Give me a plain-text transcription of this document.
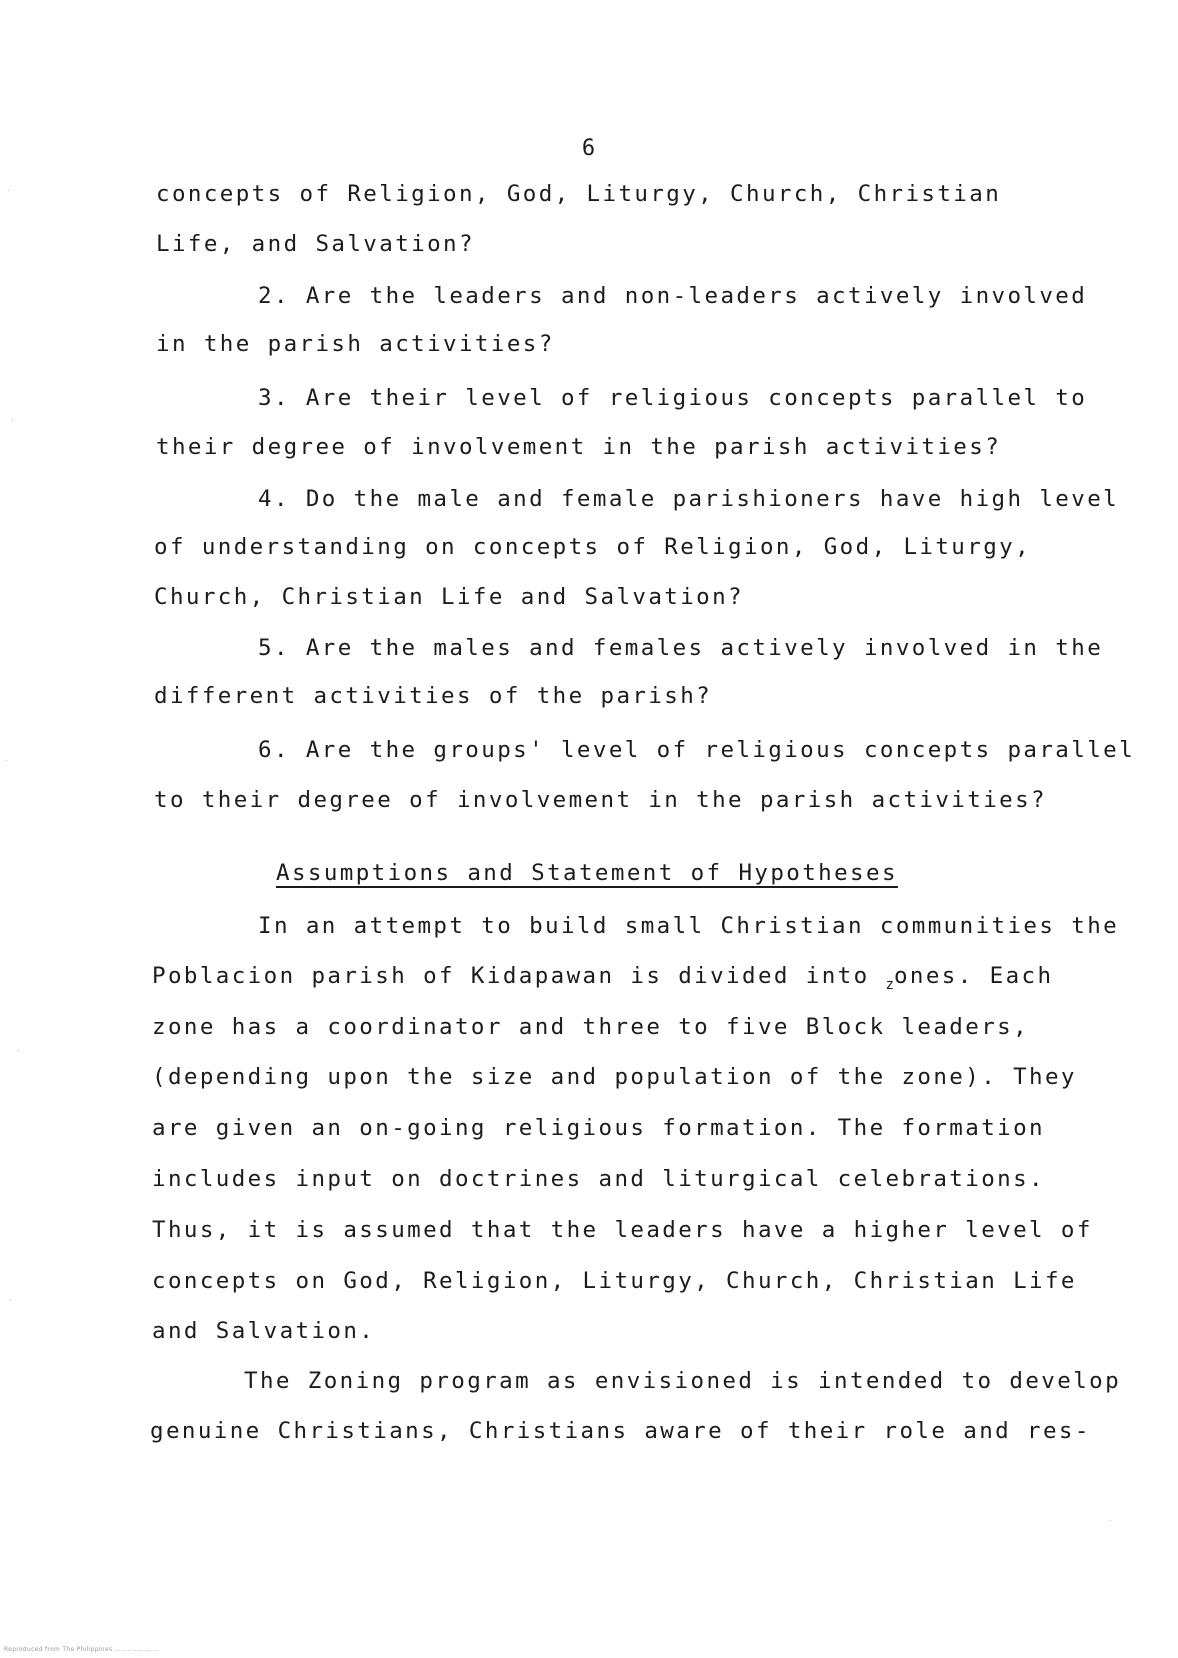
6
concepts of Religion, God, Liturgy, Church, Christian
Life, and Salvation?
2. Are the leaders and non-leaders actively involved
in the parish activities?
3. Are their level of religious concepts parallel to
their degree of involvement in the parish activities?
4. Do the male and female parishioners have high level
of understanding on concepts of Religion, God, Liturgy,
Church, Christian Life and Salvation?
5. Are the males and females actively involved in the
different activities of the parish?
6. Are the groups' level of religious concepts parallel
to their degree of involvement in the parish activities?
Assumptions and Statement of Hypotheses
In an attempt to build small Christian communities the
Poblacion parish of Kidapawan is divided into $_z$ones. Each
zone has a coordinator and three to five Block leaders,
(depending upon the size and population of the zone). They
are given an on-going religious formation. The formation
includes input on doctrines and liturgical celebrations.
Thus, it is assumed that the leaders have a higher level of
concepts on God, Religion, Liturgy, Church, Christian Life
and Salvation.
The Zoning program as envisioned is intended to develop
genuine Christians, Christians aware of their role and res-
Reproduced from The Philippines ....................
